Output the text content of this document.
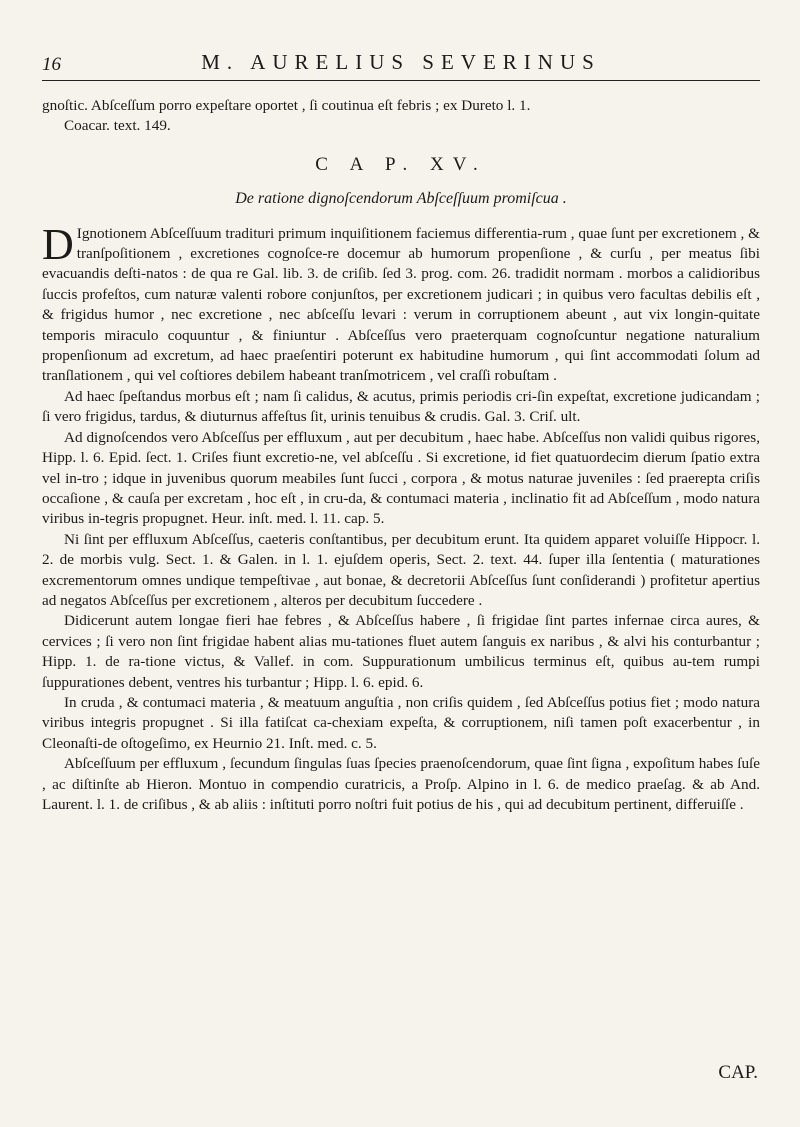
16	M. AURELIUS SEVERINUS

gnoſtic. Abſceſſum porro expeſtare oportet , ſi coutinua eſt febris ; ex Dureto l. 1.

Coacar. text. 149.

C A P. XV.

De ratione dignoſcendorum Abſceſſuum promiſcua .

D Ignotionem Abſceſſuum tradituri primum inquiſitionem faciemus differentia-rum , quae ſunt per excretionem , & tranſpoſitionem , excretiones cognoſce-re docemur ab humorum propenſione , & curſu , per meatus ſibi evacuandis deſti-natos : de qua re Gal. lib. 3. de criſib. ſed 3. prog. com. 26. tradidit normam . morbos a calidioribus ſuccis profeſtos, cum naturæ valenti robore conjunſtos, per excretionem judicari ; in quibus vero facultas debilis eſt , & frigidus humor , nec excretione , nec abſceſſu levari : verum in corruptionem abeunt , aut vix longin-quitate temporis miraculo coquuntur , & finiuntur . Abſceſſus vero praeterquam cognoſcuntur negatione naturalium propenſionum ad excretum, ad haec praeſentiri poterunt ex habitudine humorum , qui ſint accommodati ſolum ad tranſlationem , qui vel coſtiores debilem habeant tranſmotricem , vel craſſi robuſtam .

Ad haec ſpeſtandus morbus eſt ; nam ſi calidus, & acutus, primis periodis cri-ſin expeſtat, excretione judicandam ; ſi vero frigidus, tardus, & diuturnus affeſtus ſit, urinis tenuibus & crudis. Gal. 3. Criſ. ult.

Ad dignoſcendos vero Abſceſſus per effluxum , aut per decubitum , haec habe. Abſceſſus non validi quibus rigores, Hipp. l. 6. Epid. ſect. 1. Criſes fiunt excretio-ne, vel abſceſſu . Si excretione, id fiet quatuordecim dierum ſpatio extra vel in-tro ; idque in juvenibus quorum meabiles ſunt ſucci , corpora , & motus naturae juveniles : ſed praerepta criſis occaſione , & cauſa per excretam , hoc eſt , in cru-da, & contumaci materia , inclinatio fit ad Abſceſſum , modo natura viribus in-tegris propugnet. Heur. inſt. med. l. 11. cap. 5.

Ni ſint per effluxum Abſceſſus, caeteris conſtantibus, per decubitum erunt. Ita quidem apparet voluiſſe Hippocr. l. 2. de morbis vulg. Sect. 1. & Galen. in l. 1. ejuſdem operis, Sect. 2. text. 44. ſuper illa ſententia ( maturationes excrementorum omnes undique tempeſtivae , aut bonae, & decretorii Abſceſſus ſunt conſiderandi ) profitetur apertius ad negatos Abſceſſus per excretionem , alteros per decubitum ſuccedere .

Didicerunt autem longae fieri hae febres , & Abſceſſus habere , ſi frigidae ſint partes infernae circa aures, & cervices ; ſi vero non ſint frigidae habent alias mu-tationes fluet autem ſanguis ex naribus , & alvi his conturbantur ; Hipp. 1. de ra-tione victus, & Vallef. in com. Suppurationum umbilicus terminus eſt, quibus au-tem rumpi ſuppurationes debent, ventres his turbantur ; Hipp. l. 6. epid. 6.

In cruda , & contumaci materia , & meatuum anguſtia , non criſis quidem , ſed Abſceſſus potius fiet ; modo natura viribus integris propugnet . Si illa fatiſcat ca-chexiam expeſta, & corruptionem, niſi tamen poſt exacerbentur , in Cleonaſti-de oſtogeſimo, ex Heurnio 21. Inſt. med. c. 5.

Abſceſſuum per effluxum , ſecundum ſingulas ſuas ſpecies praenoſcendorum, quae ſint ſigna , expoſitum habes ſuſe , ac diſtinſte ab Hieron. Montuo in compendio curatricis, a Proſp. Alpino in l. 6. de medico praeſag. & ab And. Laurent. l. 1. de criſibus , & ab aliis : inſtituti porro noſtri fuit potius de his , qui ad decubitum pertinent, differuiſſe .

CAP.
